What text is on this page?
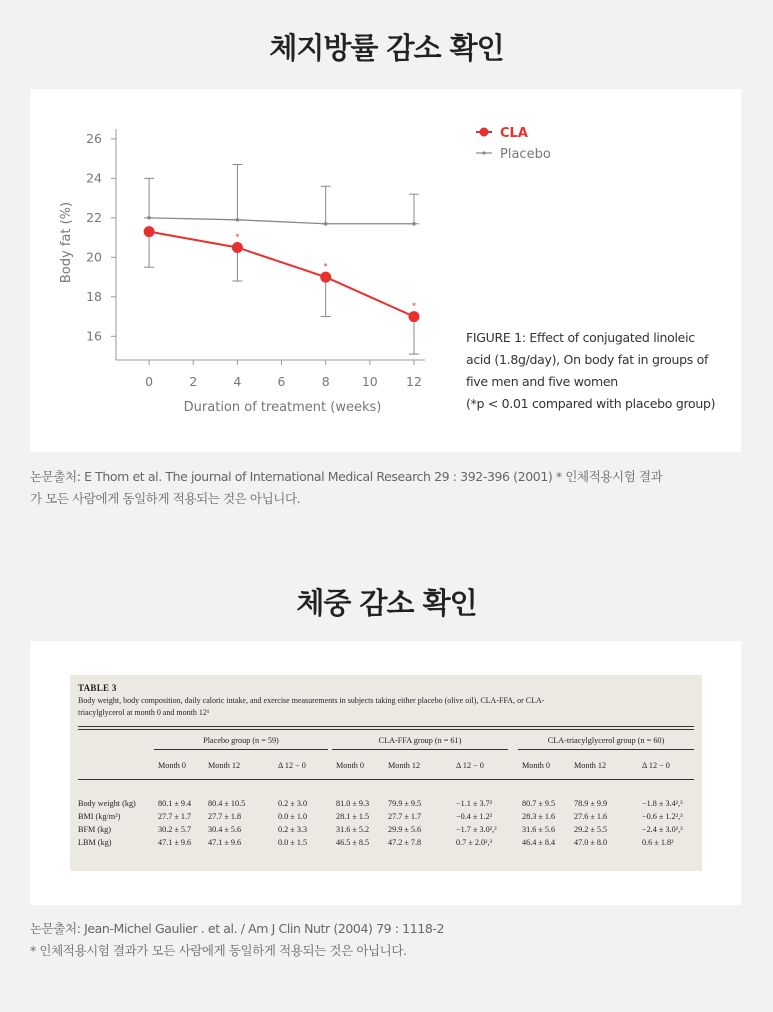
체지방률 감소 확인
16
18
20
22
24
26
0	2	4	6	8	10 12
Duration of treatment (weeks)
Body fat (%)	*
*
*
CLA
Placebo
FIGURE 1: Effect of conjugated linoleic
acid (1.8g/day), On body fat in groups of
five men and five women
(*p < 0.01 compared with placebo group)
논문출처: E Thom et al. The journal of International Medical Research 29 : 392-396 (2001) * 인체적용시험 결과가 모든 사람에게 동일하게 적용되는 것은 아닙니다.
체중 감소 확인
TABLE 3
Body weight, body composition, daily caloric intake, and exercise measurements in subjects taking either placebo (olive oil), CLA-FFA, or CLA-
triacylglycerol at month 0 and month 12¹
Placebo group (n = 59)	CLA-FFA group (n = 61)	CLA-triacylglycerol group (n = 60)
Month 0	Month 12	Δ 12 − 0	Month 0	Month 12	Δ 12 − 0	Month 0	Month 12	Δ 12 − 0
Body weight (kg)	80.1 ± 9.4 80.4 ± 10.5	0.2 ± 3.0	81.0 ± 9.3 79.9 ± 9.5	−1.1 ± 3.7²	80.7 ± 9.5 78.9 ± 9.9	−1.8 ± 3.4²,³
BMI (kg/m²)	27.7 ± 1.7 27.7 ± 1.8	0.0 ± 1.0	28.1 ± 1.5 27.7 ± 1.7	−0.4 ± 1.2²	28.3 ± 1.6 27.6 ± 1.6	−0.6 ± 1.2²,³
BFM (kg)	30.2 ± 5.7 30.4 ± 5.6	0.2 ± 3.3	31.6 ± 5.2 29.9 ± 5.6	−1.7 ± 3.0²,³	31.6 ± 5.6 29.2 ± 5.5	−2.4 ± 3.0²,³
LBM (kg)	47.1 ± 9.6 47.1 ± 9.6	0.0 ± 1.5	46.5 ± 8.5 47.2 ± 7.8	0.7 ± 2.0²,³	46.4 ± 8.4 47.0 ± 8.0	0.6 ± 1.8²
논문출처: Jean-Michel Gaulier . et al. / Am J Clin Nutr (2004) 79 : 1118-2
* 인체적용시험 결과가 모든 사람에게 동일하게 적용되는 것은 아닙니다.
